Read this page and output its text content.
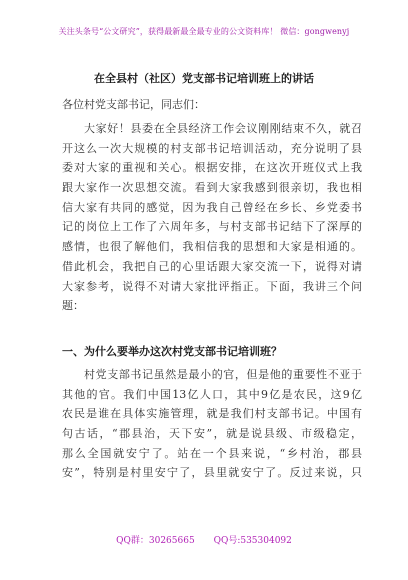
关注头条号“公文研究”，获得最新最全最专业的公文资料库！ 微信：gongwenyj
在全县村（社区）党支部书记培训班上的讲话
各位村党支部书记，同志们：
大家好！县委在全县经济工作会议刚刚结束不久，就召
开这么一次大规模的村支部书记培训活动，充分说明了县
委对大家的重视和关心。根据安排，在这次开班仪式上我
跟大家作一次思想交流。看到大家我感到很亲切，我也相
信大家有共同的感觉，因为我自己曾经在乡长、乡党委书
记的岗位上工作了六周年多，与村支部书记结下了深厚的
感情，也很了解他们，我相信我的思想和大家是相通的。
借此机会，我把自己的心里话跟大家交流一下，说得对请
大家参考，说得不对请大家批评指正。下面，我讲三个问
题：
一、为什么要举办这次村党支部书记培训班？
村党支部书记虽然是最小的官，但是他的重要性不亚于
其他的官。我们中国13亿人口，其中9亿是农民，这9亿
农民是谁在具体实施管理，就是我们村支部书记。中国有
句古话，“郡县治，天下安”，就是说县级、市级稳定，
那么全国就安宁了。站在一个县来说，“乡村治，郡县
安”，特别是村里安宁了，县里就安宁了。反过来说，只
QQ群：30265665 QQ号:535304092
